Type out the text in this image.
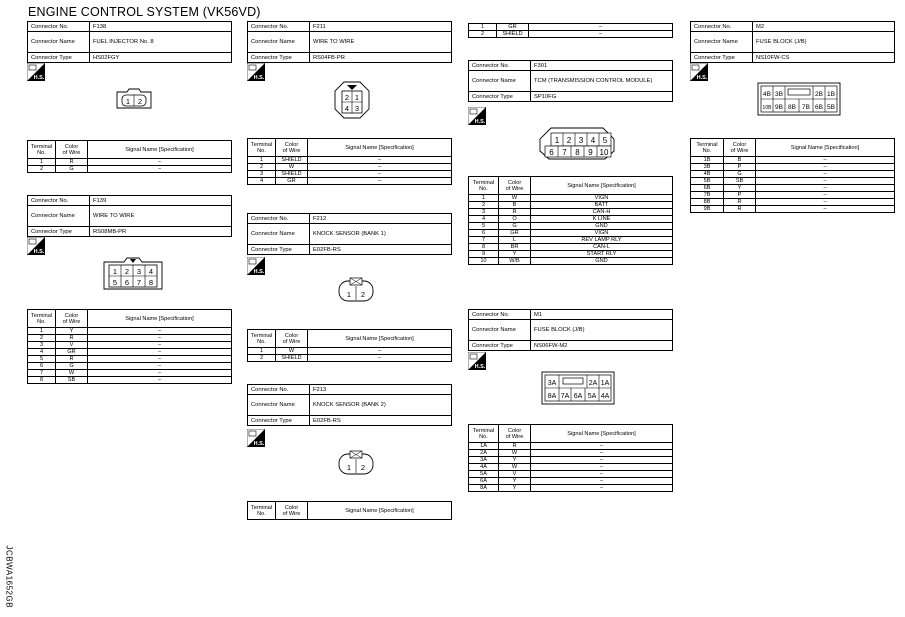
ENGINE CONTROL SYSTEM (VK56VD)
JCBWA1652GB
Connector No.	F138
Connector Name	FUEL INJECTOR No. 8
Connector Type	HS02FGY
H.S.
1 2
Terminal
No.	Color
of Wire	Signal Name [Specification]
1	R	–
2	G	–
Connector No.	F139
Connector Name	WIRE TO WIRE
Connector Type	RS08MB-PR
H.S.
1 2 3 4
5 6 7 8
Terminal
No.	Color
of Wire	Signal Name [Specification]
1	Y	–
2	R	–
3	V	–
4	GR	–
5	R	–
6	G	–
7	W	–
8	SB	–
Connector No.	F211
Connector Name	WIRE TO WIRE
Connector Type	RS04FB-PR
H.S.
2 1
4 3
Terminal
No.	Color
of Wire	Signal Name [Specification]
1	SHIELD	–
2	W	–
3	SHIELD	–
4	GR	–
Connector No.	F212
Connector Name	KNOCK SENSOR (BANK 1)
Connector Type	E02FB-RS
H.S.
1 2
Terminal
No.	Color
of Wire	Signal Name [Specification]
1	W	–
2	SHIELD	–
Connector No.	F213
Connector Name	KNOCK SENSOR (BANK 2)
Connector Type	E02FB-RS
H.S.
1 2
Terminal
No.	Color
of Wire	Signal Name [Specification]
1	GR	–
2	SHIELD	–
Connector No.	F301
Connector Name	TCM (TRANSMISSION CONTROL MODULE)
Connector Type	SP10FG
H.S.
1 2 3 4 5
6 7 8 9 10
Terminal
No.	Color
of Wire	Signal Name [Specification]
1	W	VIGN
2	B	BATT
3	R	CAN-H
4	O	K LINE
5	G	GND
6	GR	VIGN
7	L	REV LAMP RLY
8	BR	CAN-L
9	Y	START RLY
10	W/B	GND
Connector No.	M1
Connector Name	FUSE BLOCK (J/B)
Connector Type	NS06FW-M2
H.S.
3A	2A 1A
8A 7A 6A 5A 4A
Terminal
No.	Color
of Wire	Signal Name [Specification]
1A	R	–
2A	W	–
3A	Y	–
4A	W	–
5A	V	–
6A	Y	–
8A	Y	–
Connector No.	M2
Connector Name	FUSE BLOCK (J/B)
Connector Type	NS10FW-CS
H.S.
4B 3B	2B 1B
10B 9B 8B 7B 6B 5B
Terminal
No.	Color
of Wire	Signal Name [Specification]
1B	B	–
3B	P	–
4B	G	–
5B	SB	–
6B	Y	–
7B	P	–
8B	R	–
9B	R	–
